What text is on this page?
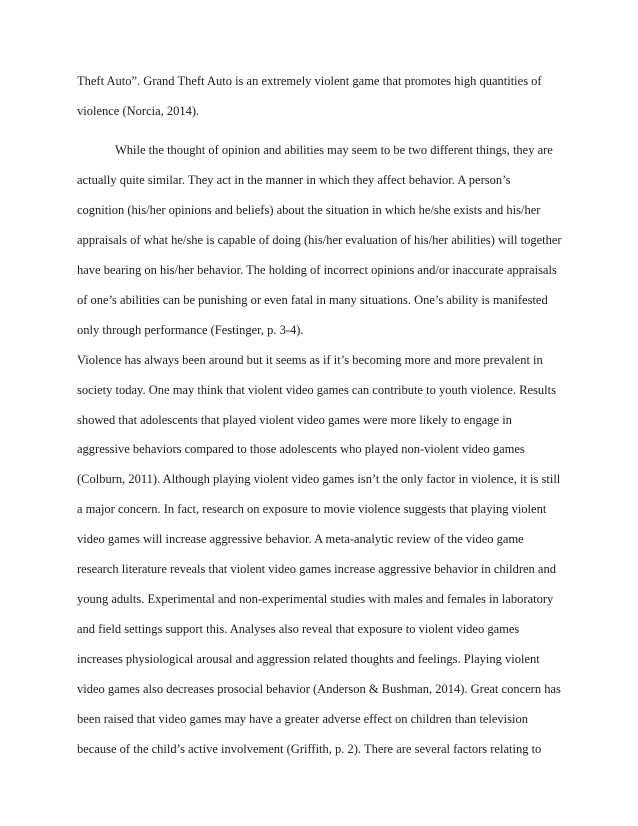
Theft Auto”. Grand Theft Auto is an extremely violent game that promotes high quantities of
violence (Norcia, 2014).
While the thought of opinion and abilities may seem to be two different things, they are
actually quite similar. They act in the manner in which they affect behavior. A person’s
cognition (his/her opinions and beliefs) about the situation in which he/she exists and his/her
appraisals of what he/she is capable of doing (his/her evaluation of his/her abilities) will together
have bearing on his/her behavior. The holding of incorrect opinions and/or inaccurate appraisals
of one’s abilities can be punishing or even fatal in many situations. One’s ability is manifested
only through performance (Festinger, p. 3-4).
Violence has always been around but it seems as if it’s becoming more and more prevalent in
society today. One may think that violent video games can contribute to youth violence. Results
showed that adolescents that played violent video games were more likely to engage in
aggressive behaviors compared to those adolescents who played non-violent video games
(Colburn, 2011). Although playing violent video games isn’t the only factor in violence, it is still
a major concern. In fact, research on exposure to movie violence suggests that playing violent
video games will increase aggressive behavior. A meta-analytic review of the video game
research literature reveals that violent video games increase aggressive behavior in children and
young adults. Experimental and non-experimental studies with males and females in laboratory
and field settings support this. Analyses also reveal that exposure to violent video games
increases physiological arousal and aggression related thoughts and feelings. Playing violent
video games also decreases prosocial behavior (Anderson & Bushman, 2014). Great concern has
been raised that video games may have a greater adverse effect on children than television
because of the child’s active involvement (Griffith, p. 2). There are several factors relating to
